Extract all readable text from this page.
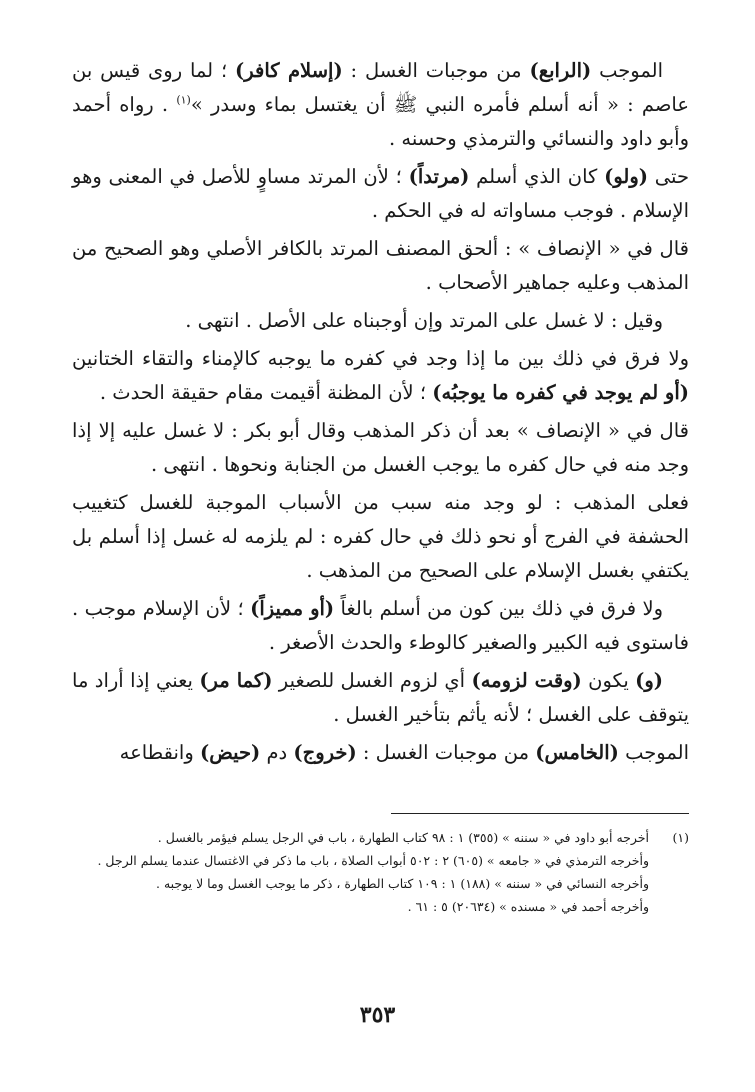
الموجب (الرابع) من موجبات الغسل : (إسلام كافر) ؛ لما روى قيس بن عاصم : « أنه أسلم فأمره النبي ﷺ أن يغتسل بماء وسدر »$^{(١)}$ . رواه أحمد وأبو داود والنسائي والترمذي وحسنه .
حتى (ولو) كان الذي أسلم (مرتداً) ؛ لأن المرتد مساوٍ للأصل في المعنى وهو الإسلام . فوجب مساواته له في الحكم .
قال في « الإنصاف » : ألحق المصنف المرتد بالكافر الأصلي وهو الصحيح من المذهب وعليه جماهير الأصحاب .
وقيل : لا غسل على المرتد وإن أوجبناه على الأصل . انتهى .
ولا فرق في ذلك بين ما إذا وجد في كفره ما يوجبه كالإمناء والتقاء الختانين (أو لم يوجد في كفره ما يوجبُه) ؛ لأن المظنة أقيمت مقام حقيقة الحدث .
قال في « الإنصاف » بعد أن ذكر المذهب وقال أبو بكر : لا غسل عليه إلا إذا وجد منه في حال كفره ما يوجب الغسل من الجنابة ونحوها . انتهى .
فعلى المذهب : لو وجد منه سبب من الأسباب الموجبة للغسل كتغييب الحشفة في الفرج أو نحو ذلك في حال كفره : لم يلزمه له غسل إذا أسلم بل يكتفي بغسل الإسلام على الصحيح من المذهب .
ولا فرق في ذلك بين كون من أسلم بالغاً (أو مميزاً) ؛ لأن الإسلام موجب . فاستوى فيه الكبير والصغير كالوطء والحدث الأصغر .
(و) يكون (وقت لزومه) أي لزوم الغسل للصغير (كما مر) يعني إذا أراد ما يتوقف على الغسل ؛ لأنه يأثم بتأخير الغسل .
الموجب (الخامس) من موجبات الغسل : (خروج) دم (حيض) وانقطاعه
(١)
أخرجه أبو داود في « سننه » (٣٥٥) ١ : ٩٨ كتاب الطهارة ، باب في الرجل يسلم فيؤمر بالغسل .
وأخرجه الترمذي في « جامعه » (٦٠٥) ٢ : ٥٠٢ أبواب الصلاة ، باب ما ذكر في الاغتسال عندما يسلم الرجل .
وأخرجه النسائي في « سننه » (١٨٨) ١ : ١٠٩ كتاب الطهارة ، ذكر ما يوجب الغسل وما لا يوجبه .
وأخرجه أحمد في « مسنده » (٢٠٦٣٤) ٥ : ٦١ .
٣٥٣
